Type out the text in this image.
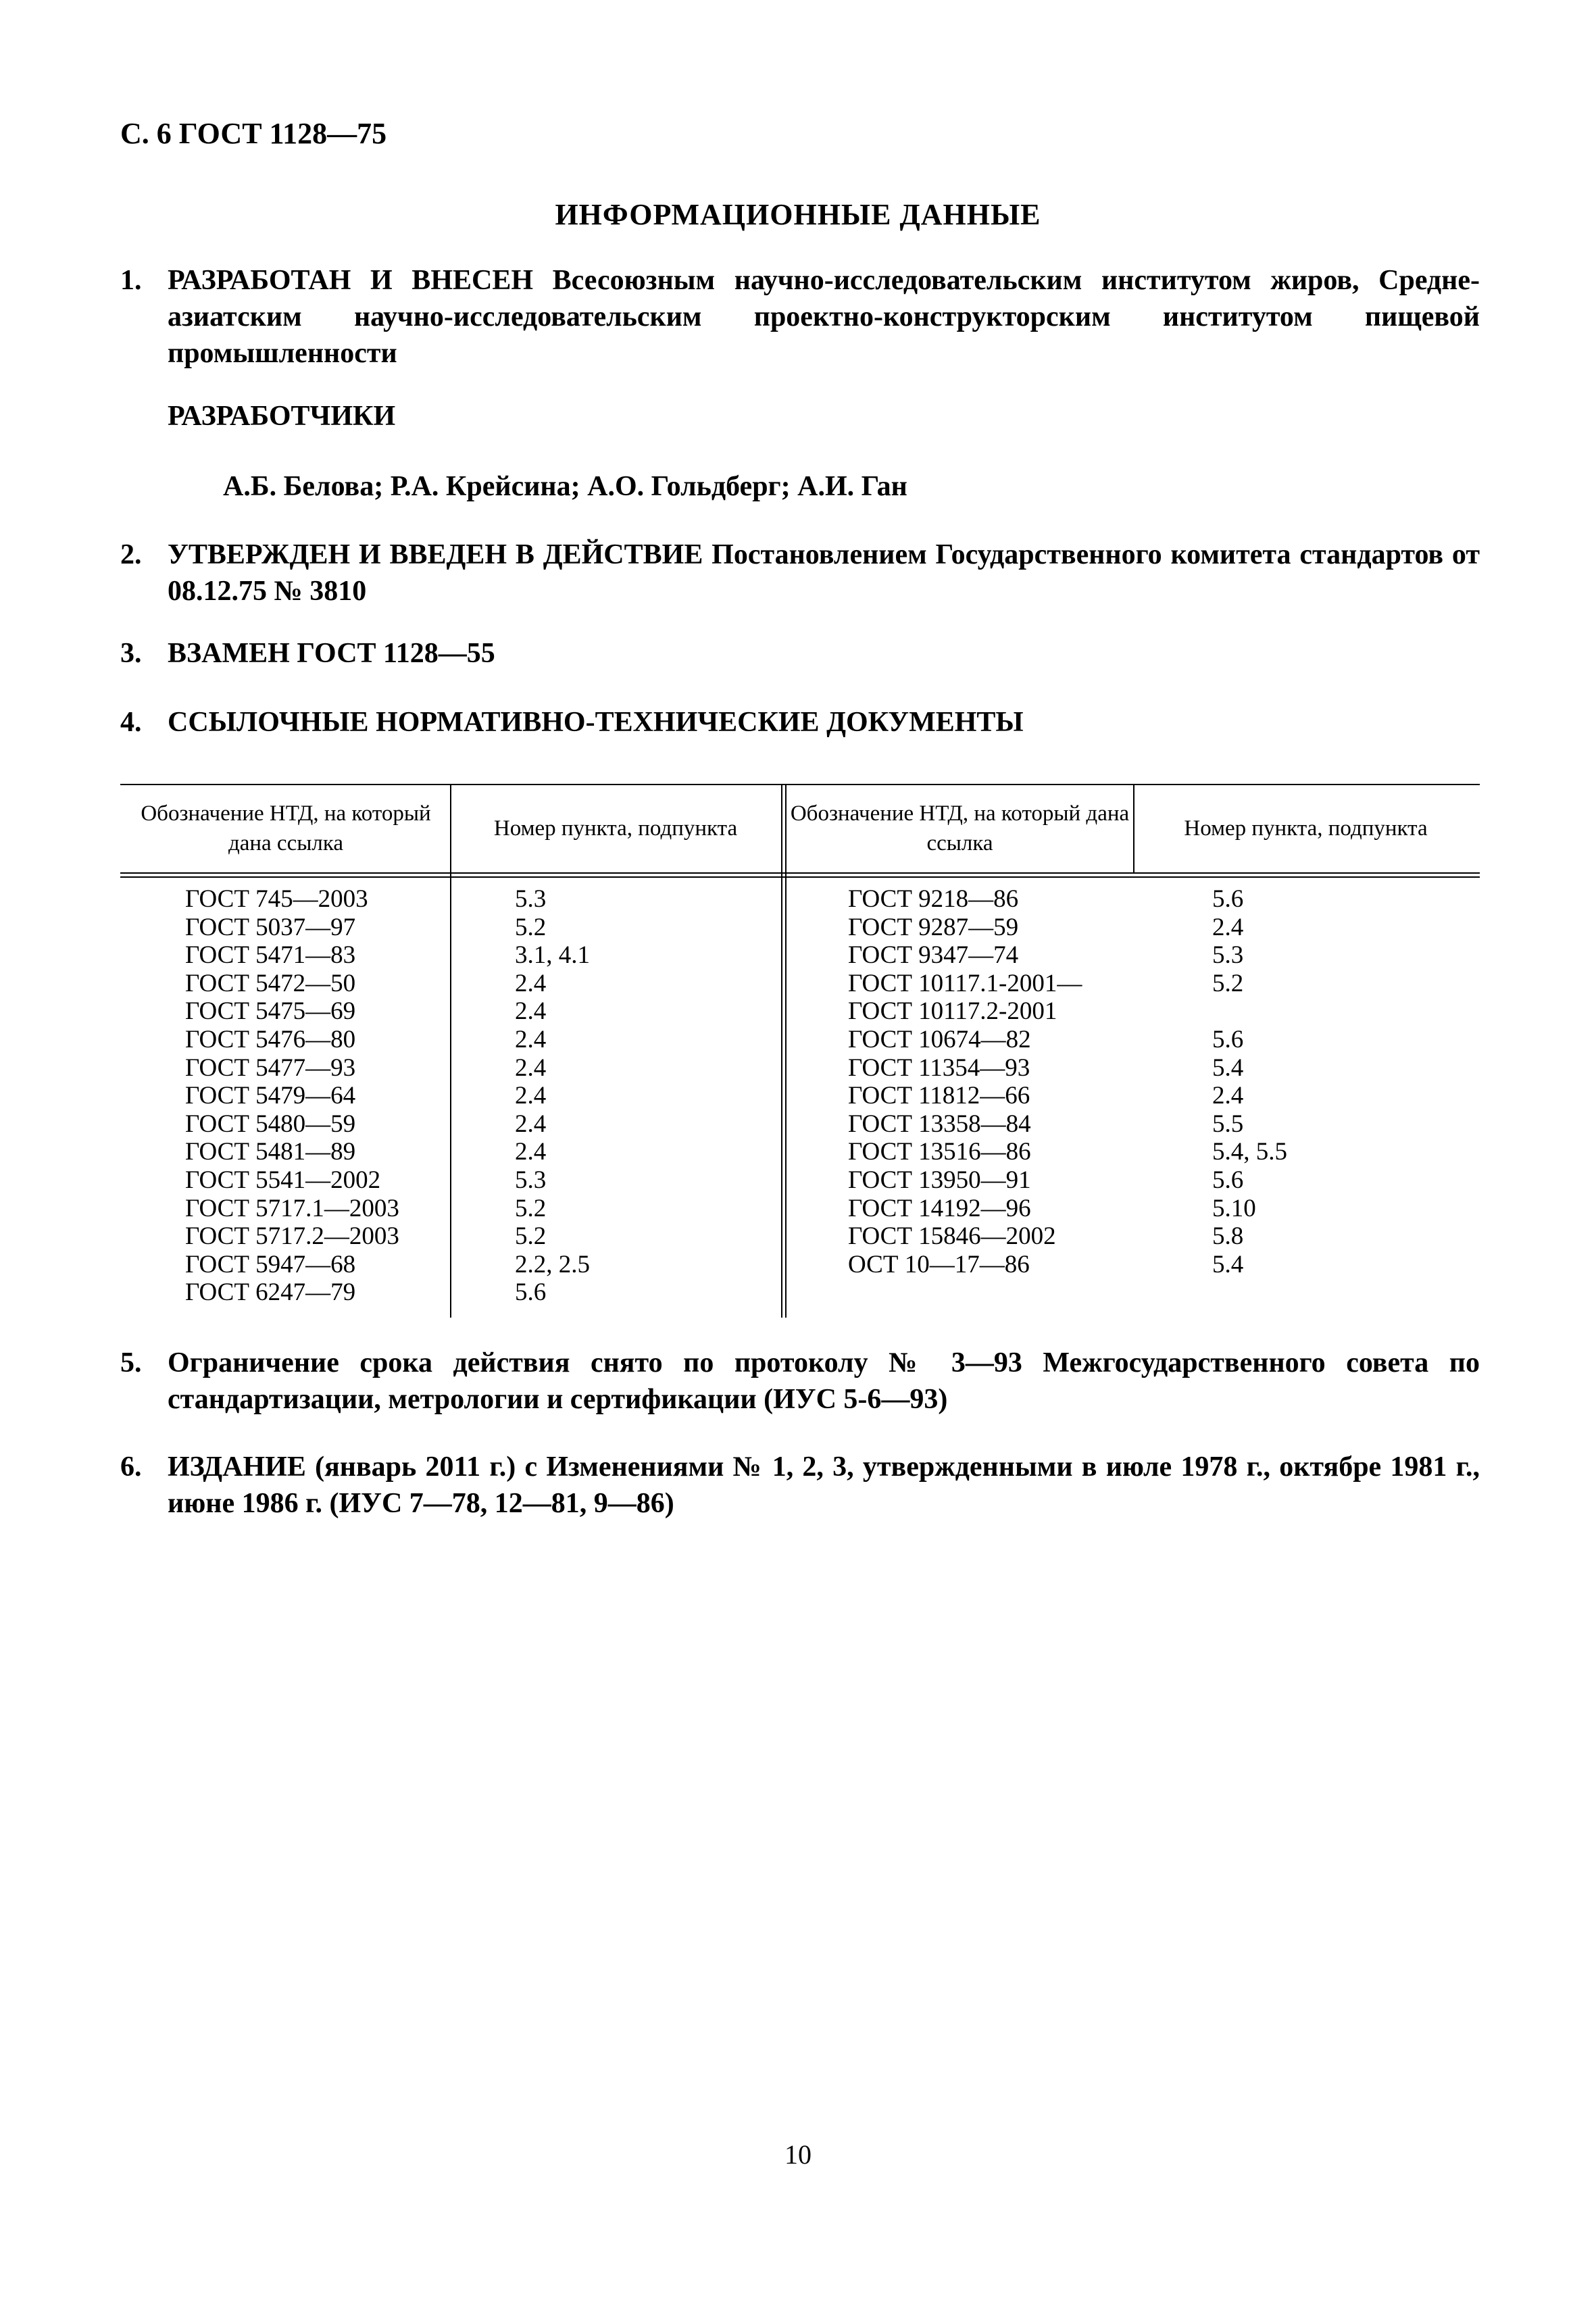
С. 6 ГОСТ 1128—75
ИНФОРМАЦИОННЫЕ ДАННЫЕ
1. РАЗРАБОТАН И ВНЕСЕН Всесоюзным научно-исследовательским институтом жиров, Средне-азиатским научно-исследовательским проектно-конструкторским институтом пищевой промышленности
РАЗРАБОТЧИКИ
А.Б. Белова; Р.А. Крейсина; А.О. Гольдберг; А.И. Ган
2. УТВЕРЖДЕН И ВВЕДЕН В ДЕЙСТВИЕ Постановлением Государственного комитета стандартов от 08.12.75 № 3810
3. ВЗАМЕН ГОСТ 1128—55
4. ССЫЛОЧНЫЕ НОРМАТИВНО-ТЕХНИЧЕСКИЕ ДОКУМЕНТЫ
Обозначение НТД, на который дана ссылка
Номер пункта, подпункта
Обозначение НТД, на который дана ссылка
Номер пункта, подпункта
ГОСТ 745—2003
ГОСТ 5037—97
ГОСТ 5471—83
ГОСТ 5472—50
ГОСТ 5475—69
ГОСТ 5476—80
ГОСТ 5477—93
ГОСТ 5479—64
ГОСТ 5480—59
ГОСТ 5481—89
ГОСТ 5541—2002
ГОСТ 5717.1—2003
ГОСТ 5717.2—2003
ГОСТ 5947—68
ГОСТ 6247—79
5.3
5.2
3.1, 4.1
2.4
2.4
2.4
2.4
2.4
2.4
2.4
5.3
5.2
5.2
2.2, 2.5
5.6
ГОСТ 9218—86
ГОСТ 9287—59
ГОСТ 9347—74
ГОСТ 10117.1-2001—
ГОСТ 10117.2-2001
ГОСТ 10674—82
ГОСТ 11354—93
ГОСТ 11812—66
ГОСТ 13358—84
ГОСТ 13516—86
ГОСТ 13950—91
ГОСТ 14192—96
ГОСТ 15846—2002
ОСТ 10—17—86
5.6
2.4
5.3
5.2
5.6
5.4
2.4
5.5
5.4, 5.5
5.6
5.10
5.8
5.4
5. Ограничение срока действия снято по протоколу № 3—93 Межгосударственного совета по стандартизации, метрологии и сертификации (ИУС 5-6—93)
6. ИЗДАНИЕ (январь 2011 г.) с Изменениями № 1, 2, 3, утвержденными в июле 1978 г., октябре 1981 г., июне 1986 г. (ИУС 7—78, 12—81, 9—86)
10
